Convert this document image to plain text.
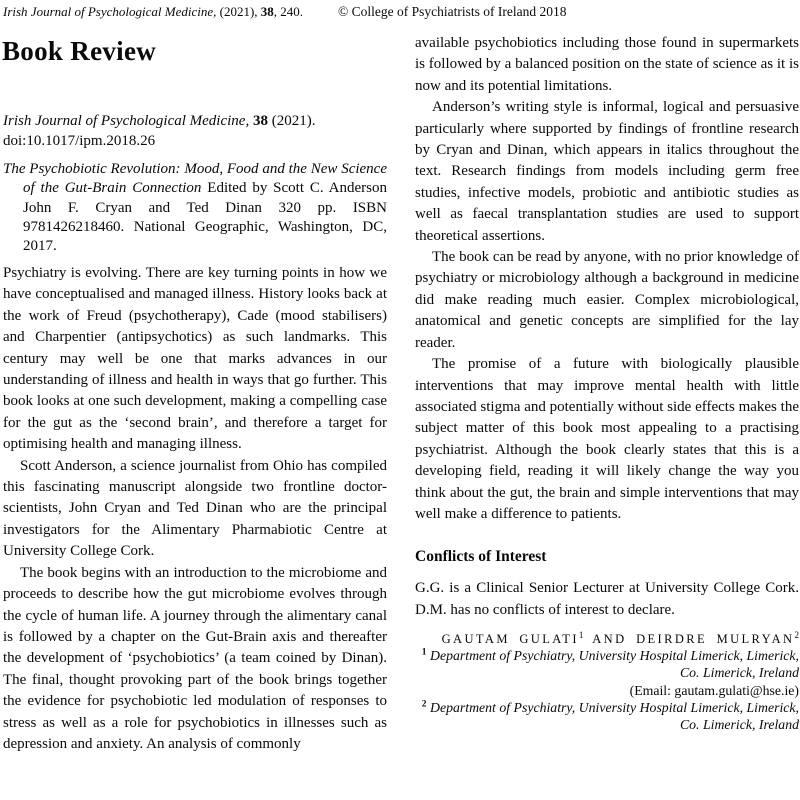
Irish Journal of Psychological Medicine, (2021), 38, 240.	© College of Psychiatrists of Ireland 2018
Book Review
Irish Journal of Psychological Medicine, 38 (2021).
doi:10.1017/ipm.2018.26
The Psychobiotic Revolution: Mood, Food and the New Science of the Gut-Brain Connection Edited by Scott C. Anderson John F. Cryan and Ted Dinan 320 pp. ISBN 9781426218460. National Geographic, Washington, DC, 2017.

Psychiatry is evolving. There are key turning points in how we have conceptualised and managed illness. History looks back at the work of Freud (psychotherapy), Cade (mood stabilisers) and Charpentier (antipsychotics) as such landmarks. This century may well be one that marks advances in our understanding of illness and health in ways that go further. This book looks at one such development, making a compelling case for the gut as the ‘second brain’, and therefore a target for optimising health and managing illness.

Scott Anderson, a science journalist from Ohio has compiled this fascinating manuscript alongside two frontline doctor-scientists, John Cryan and Ted Dinan who are the principal investigators for the Alimentary Pharmabiotic Centre at University College Cork.

The book begins with an introduction to the microbiome and proceeds to describe how the gut microbiome evolves through the cycle of human life. A journey through the alimentary canal is followed by a chapter on the Gut-Brain axis and thereafter the development of ‘psychobiotics’ (a team coined by Dinan). The final, thought provoking part of the book brings together the evidence for psychobiotic led modulation of responses to stress as well as a role for psychobiotics in illnesses such as depression and anxiety. An analysis of commonly

available psychobiotics including those found in supermarkets is followed by a balanced position on the state of science as it is now and its potential limitations.

Anderson’s writing style is informal, logical and persuasive particularly where supported by findings of frontline research by Cryan and Dinan, which appears in italics throughout the text. Research findings from models including germ free studies, infective models, probiotic and antibiotic studies as well as faecal transplantation studies are used to support theoretical assertions.

The book can be read by anyone, with no prior knowledge of psychiatry or microbiology although a background in medicine did make reading much easier. Complex microbiological, anatomical and genetic concepts are simplified for the lay reader.

The promise of a future with biologically plausible interventions that may improve mental health with little associated stigma and potentially without side effects makes the subject matter of this book most appealing to a practising psychiatrist. Although the book clearly states that this is a developing field, reading it will likely change the way you think about the gut, the brain and simple interventions that may well make a difference to patients.

Conflicts of Interest

G.G. is a Clinical Senior Lecturer at University College Cork. D.M. has no conflicts of interest to declare.

GAUTAM GULATI$^1$ AND DEIRDRE MULRYAN$^2$
$^1$ Department of Psychiatry, University Hospital Limerick, Limerick, Co. Limerick, Ireland
(Email: gautam.gulati@hse.ie)
$^2$ Department of Psychiatry, University Hospital Limerick, Limerick, Co. Limerick, Ireland
